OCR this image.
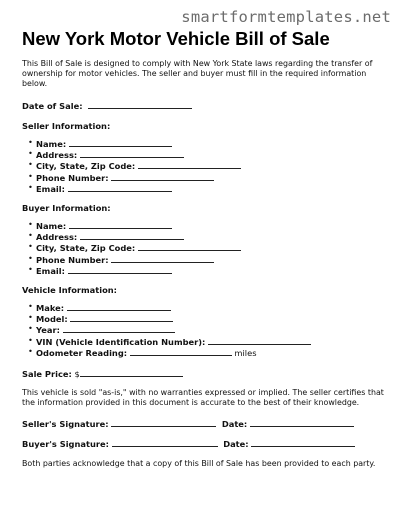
smartformtemplates.net
New York Motor Vehicle Bill of Sale

This Bill of Sale is designed to comply with New York State laws regarding the transfer of ownership for motor vehicles. The seller and buyer must fill in the required information below.

Date of Sale:

Seller Information:

• Name:
• Address:
• City, State, Zip Code:
• Phone Number:
• Email:

Buyer Information:

• Name:
• Address:
• City, State, Zip Code:
• Phone Number:
• Email:

Vehicle Information:

• Make:
• Model:
• Year:
• VIN (Vehicle Identification Number):
• Odometer Reading:	miles
Sale Price: $

This vehicle is sold "as-is," with no warranties expressed or implied. The seller certifies that the information provided in this document is accurate to the best of their knowledge.

Seller's Signature:	Date:
Buyer's Signature:	Date:

Both parties acknowledge that a copy of this Bill of Sale has been provided to each party.
